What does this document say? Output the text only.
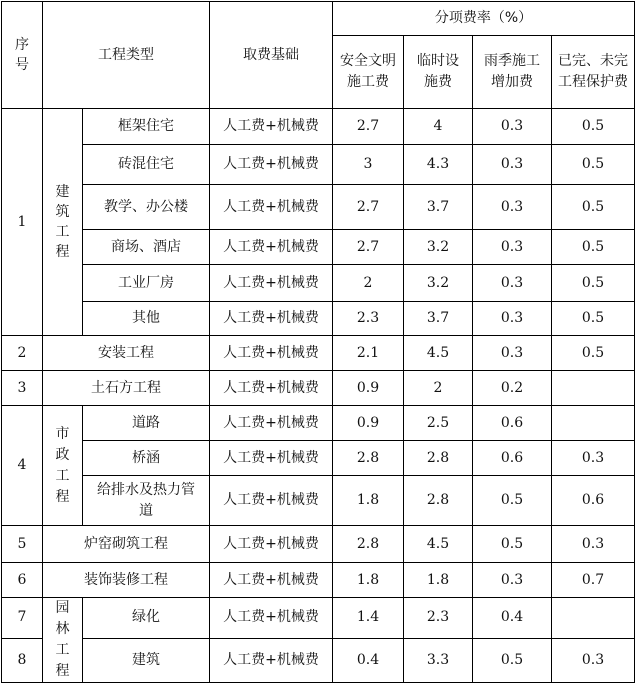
序号	工程类型		取费基础	分项费率（%）			
				安全文明施工费	临时设施费	雨季施工增加费	已完、未完工程保护费
1	建筑工程	框架住宅	人工费+机械费	2.7	4	0.3	0.5
		砖混住宅	人工费+机械费	3	4.3	0.3	0.5
		教学、办公楼	人工费+机械费	2.7	3.7	0.3	0.5
		商场、酒店	人工费+机械费	2.7	3.2	0.3	0.5
		工业厂房	人工费+机械费	2	3.2	0.3	0.5
		其他	人工费+机械费	2.3	3.7	0.3	0.5
2	安装工程		人工费+机械费	2.1	4.5	0.3	0.5
3	土石方工程		人工费+机械费	0.9	2	0.2	
4	市政工程	道路	人工费+机械费	0.9	2.5	0.6	
		桥涵	人工费+机械费	2.8	2.8	0.6	0.3
		给排水及热力管道	人工费+机械费	1.8	2.8	0.5	0.6
5	炉窑砌筑工程		人工费+机械费	2.8	4.5	0.5	0.3
6	装饰装修工程		人工费+机械费	1.8	1.8	0.3	0.7
7	园林工程	绿化	人工费+机械费	1.4	2.3	0.4	
8		建筑	人工费+机械费	0.4	3.3	0.5	0.3
